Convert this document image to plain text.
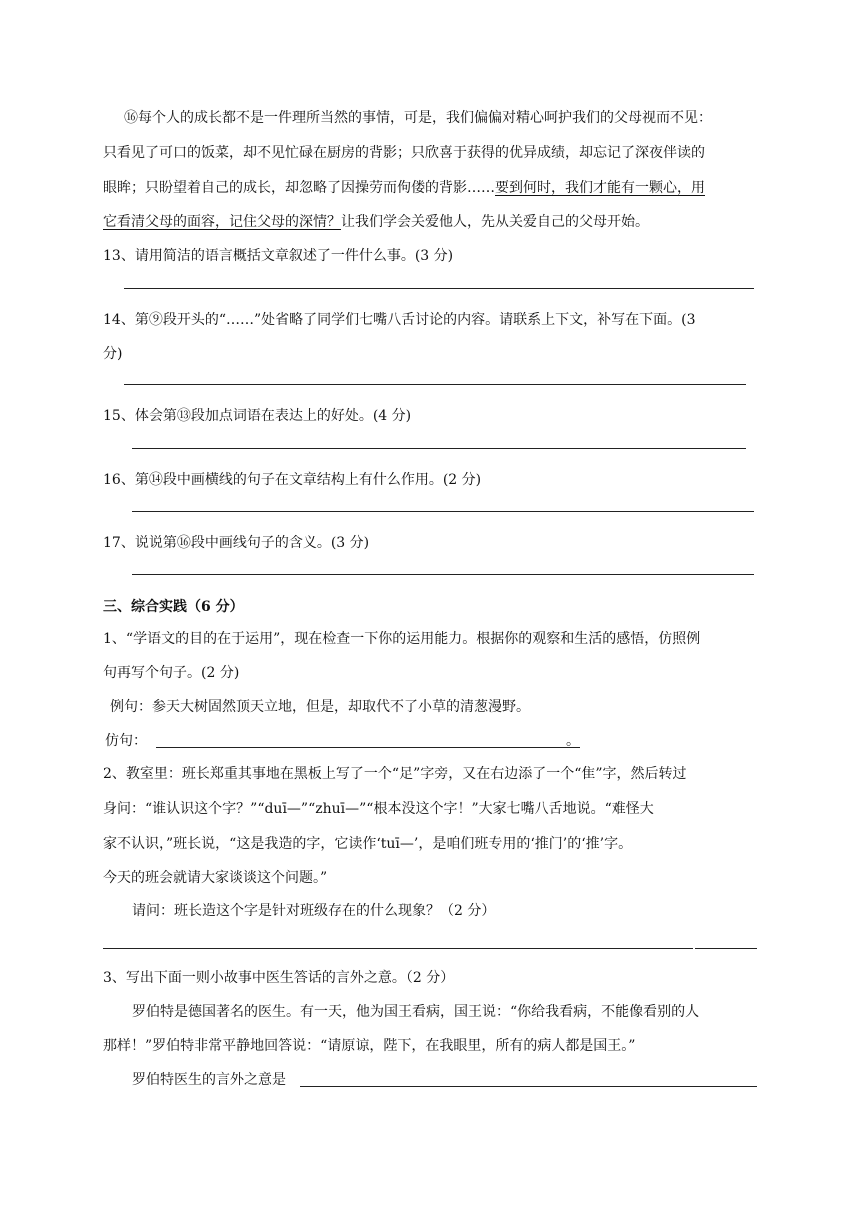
⑯每个人的成长都不是一件理所当然的事情，可是，我们偏偏对精心呵护我们的父母视而不见：
只看见了可口的饭菜，却不见忙碌在厨房的背影；只欣喜于获得的优异成绩，却忘记了深夜伴读的
眼眸；只盼望着自己的成长，却忽略了因操劳而佝偻的背影……要到何时，我们才能有一颗心，用
它看清父母的面容，记住父母的深情？让我们学会关爱他人，先从关爱自己的父母开始。
13、请用简洁的语言概括文章叙述了一件什么事。(3 分)
14、第⑨段开头的“……”处省略了同学们七嘴八舌讨论的内容。请联系上下文，补写在下面。(3
分)
15、体会第⑬段加点词语在表达上的好处。(4 分)
16、第⑭段中画横线的句子在文章结构上有什么作用。(2 分)
17、说说第⑯段中画线句子的含义。(3 分)
三、综合实践（6 分）
1、“学语文的目的在于运用”，现在检查一下你的运用能力。根据你的观察和生活的感悟，仿照例
句再写个句子。(2 分)
例句：参天大树固然顶天立地，但是，却取代不了小草的清葱漫野。
仿句：	。
2、教室里：班长郑重其事地在黑板上写了一个“足”字旁，又在右边添了一个“隹”字，然后转过
身问：“谁认识这个字？”“duī—”“zhuī—”“根本没这个字！”大家七嘴八舌地说。“难怪大
家不认识，”班长说，“这是我造的字，它读作‘tuī—’，是咱们班专用的‘推门’的‘推’字。
今天的班会就请大家谈谈这个问题。”
请问：班长造这个字是针对班级存在的什么现象？（2 分）
3、写出下面一则小故事中医生答话的言外之意。（2 分）
罗伯特是德国著名的医生。有一天，他为国王看病，国王说：“你给我看病，不能像看别的人
那样！”罗伯特非常平静地回答说：“请原谅，陛下，在我眼里，所有的病人都是国王。”
罗伯特医生的言外之意是
